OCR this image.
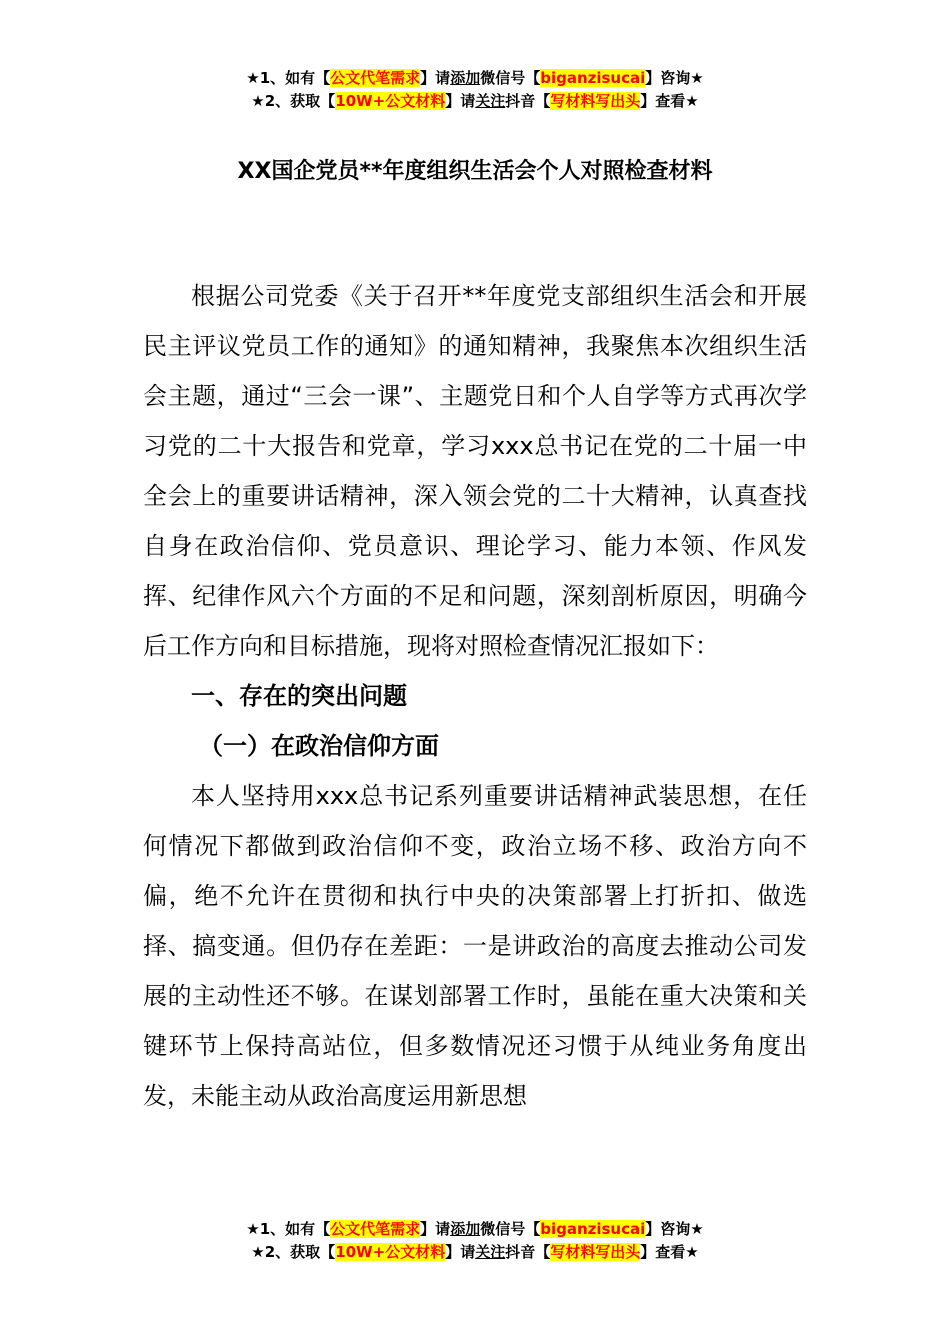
★1、如有【公文代笔需求】请添加微信号【biganzisucai】咨询★
★2、获取【10W+公文材料】请关注抖音【写材料写出头】查看★
XX国企党员**年度组织生活会个人对照检查材料

根据公司党委《关于召开**年度党支部组织生活会和开展民主评议党员工作的通知》的通知精神，我聚焦本次组织生活会主题，通过“三会一课”、主题党日和个人自学等方式再次学习党的二十大报告和党章，学习xxx总书记在党的二十届一中全会上的重要讲话精神，深入领会党的二十大精神，认真查找自身在政治信仰、党员意识、理论学习、能力本领、作风发挥、纪律作风六个方面的不足和问题，深刻剖析原因，明确今后工作方向和目标措施，现将对照检查情况汇报如下：

一、存在的突出问题

（一）在政治信仰方面

本人坚持用xxx总书记系列重要讲话精神武装思想，在任何情况下都做到政治信仰不变，政治立场不移、政治方向不偏，绝不允许在贯彻和执行中央的决策部署上打折扣、做选择、搞变通。但仍存在差距：一是讲政治的高度去推动公司发展的主动性还不够。在谋划部署工作时，虽能在重大决策和关键环节上保持高站位，但多数情况还习惯于从纯业务角度出发，未能主动从政治高度运用新思想

★1、如有【公文代笔需求】请添加微信号【biganzisucai】咨询★
★2、获取【10W+公文材料】请关注抖音【写材料写出头】查看★
